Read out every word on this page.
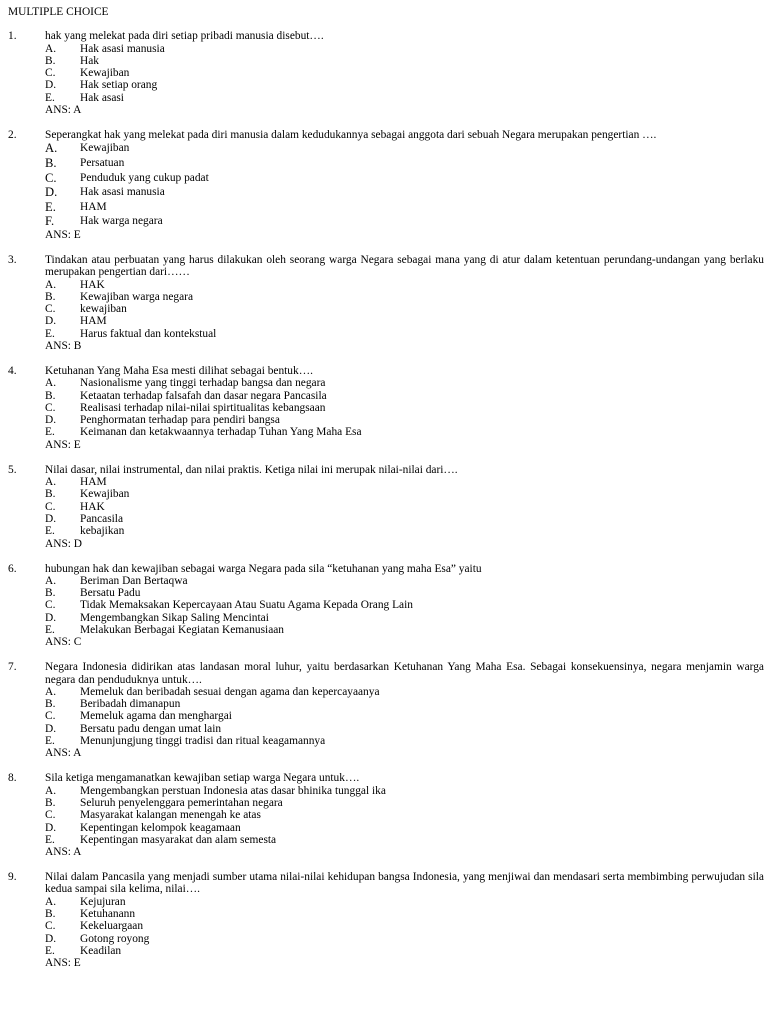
MULTIPLE CHOICE
1.	hak yang melekat pada diri setiap pribadi manusia disebut….
A.	Hak asasi manusia
B.	Hak
C.	Kewajiban
D.	Hak setiap orang
E.	Hak asasi
ANS: A
2.	Seperangkat hak yang melekat pada diri manusia dalam kedudukannya sebagai anggota dari sebuah Negara merupakan pengertian ….
A.	Kewajiban
B.	Persatuan
C.	Penduduk yang cukup padat
D.	Hak asasi manusia
E.	HAM
F.	Hak warga negara
ANS: E
3.	Tindakan atau perbuatan yang harus dilakukan oleh seorang warga Negara sebagai mana yang di atur dalam ketentuan perundang-undangan yang berlaku merupakan pengertian dari……
A.	HAK
B.	Kewajiban warga negara
C.	kewajiban
D.	HAM
E.	Harus faktual dan kontekstual
ANS: B
4.	Ketuhanan Yang Maha Esa mesti dilihat sebagai bentuk….
A.	Nasionalisme yang tinggi terhadap bangsa dan negara
B.	Ketaatan terhadap falsafah dan dasar negara Pancasila
C.	Realisasi terhadap nilai-nilai spirtitualitas kebangsaan
D.	Penghormatan terhadap para pendiri bangsa
E.	Keimanan dan ketakwaannya terhadap Tuhan Yang Maha Esa
ANS: E
5.	Nilai dasar, nilai instrumental, dan nilai praktis. Ketiga nilai ini merupak nilai-nilai dari….
A.	HAM
B.	Kewajiban
C.	HAK
D.	Pancasila
E.	kebajikan
ANS: D
6.	hubungan hak dan kewajiban sebagai warga Negara pada sila “ketuhanan yang maha Esa” yaitu
A.	Beriman Dan Bertaqwa
B.	Bersatu Padu
C.	Tidak Memaksakan Kepercayaan Atau Suatu Agama Kepada Orang Lain
D.	Mengembangkan Sikap Saling Mencintai
E.	Melakukan Berbagai Kegiatan Kemanusiaan
ANS: C
7.	Negara Indonesia didirikan atas landasan moral luhur, yaitu berdasarkan Ketuhanan Yang Maha Esa. Sebagai konsekuensinya, negara menjamin warga negara dan penduduknya untuk….
A.	Memeluk dan beribadah sesuai dengan agama dan kepercayaanya
B.	Beribadah dimanapun
C.	Memeluk agama dan menghargai
D.	Bersatu padu dengan umat lain
E.	Menunjungjung tinggi tradisi dan ritual keagamannya
ANS: A
8.	Sila ketiga mengamanatkan kewajiban setiap warga Negara untuk….
A.	Mengembangkan perstuan Indonesia atas dasar bhinika tunggal ika
B.	Seluruh penyelenggara pemerintahan negara
C.	Masyarakat kalangan menengah ke atas
D.	Kepentingan kelompok keagamaan
E.	Kepentingan masyarakat dan alam semesta
ANS: A
9.	Nilai dalam Pancasila yang menjadi sumber utama nilai-nilai kehidupan bangsa Indonesia, yang menjiwai dan mendasari serta membimbing perwujudan sila kedua sampai sila kelima, nilai….
A.	Kejujuran
B.	Ketuhanann
C.	Kekeluargaan
D.	Gotong royong
E.	Keadilan
ANS: E
